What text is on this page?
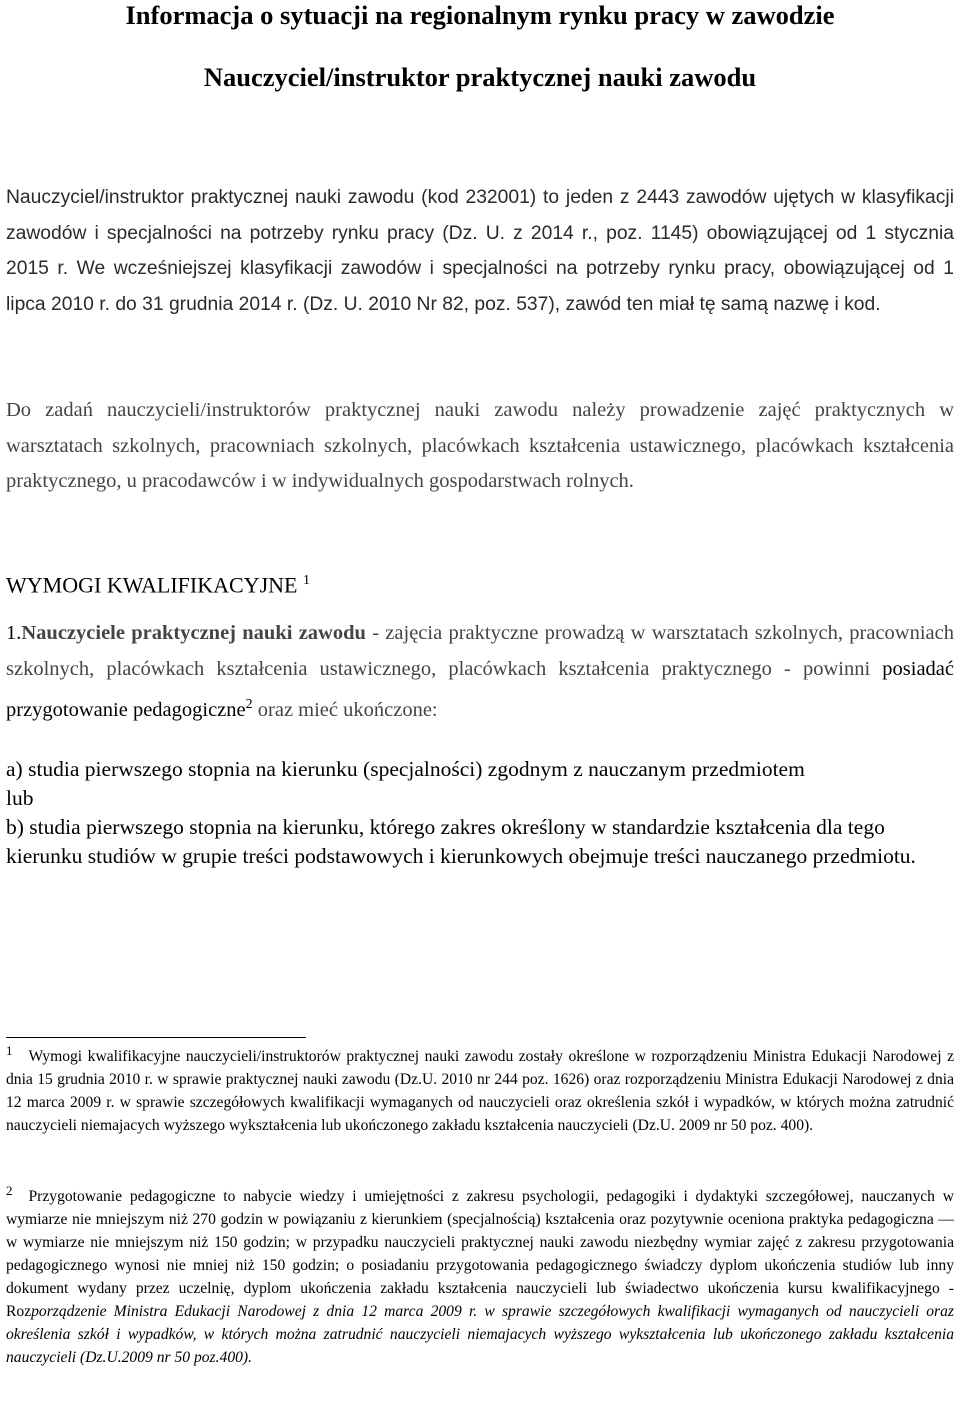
Informacja o sytuacji na regionalnym rynku pracy w zawodzie
Nauczyciel/instruktor praktycznej nauki zawodu

Nauczyciel/instruktor praktycznej nauki zawodu (kod 232001) to jeden z 2443 zawodów ujętych w klasyfikacji zawodów i specjalności na potrzeby rynku pracy (Dz. U. z 2014 r., poz. 1145) obowiązującej od 1 stycznia 2015 r. We wcześniejszej klasyfikacji zawodów i specjalności na potrzeby rynku pracy, obowiązującej od 1 lipca 2010 r. do 31 grudnia 2014 r. (Dz. U. 2010 Nr 82, poz. 537), zawód ten miał tę samą nazwę i kod.

Do zadań nauczycieli/instruktorów praktycznej nauki zawodu należy prowadzenie zajęć praktycznych w warsztatach szkolnych, pracowniach szkolnych, placówkach kształcenia ustawicznego, placówkach kształcenia praktycznego, u pracodawców i w indywidualnych gospodarstwach rolnych.

WYMOGI KWALIFIKACYJNE $^1$

1.Nauczyciele praktycznej nauki zawodu - zajęcia praktyczne prowadzą w warsztatach szkolnych, pracowniach szkolnych, placówkach kształcenia ustawicznego, placówkach kształcenia praktycznego - powinni posiadać przygotowanie pedagogiczne$^2$ oraz mieć ukończone:

a) studia pierwszego stopnia na kierunku (specjalności) zgodnym z nauczanym przedmiotem
lub
b) studia pierwszego stopnia na kierunku, którego zakres określony w standardzie kształcenia dla tego kierunku studiów w grupie treści podstawowych i kierunkowych obejmuje treści nauczanego przedmiotu.

$^1$ Wymogi kwalifikacyjne nauczycieli/instruktorów praktycznej nauki zawodu zostały określone w rozporządzeniu Ministra Edukacji Narodowej z dnia 15 grudnia 2010 r. w sprawie praktycznej nauki zawodu (Dz.U. 2010 nr 244 poz. 1626) oraz rozporządzeniu Ministra Edukacji Narodowej z dnia 12 marca 2009 r. w sprawie szczegółowych kwalifikacji wymaganych od nauczycieli oraz określenia szkół i wypadków, w których można zatrudnić nauczycieli niemajacych wyższego wykształcenia lub ukończonego zakładu kształcenia nauczycieli (Dz.U. 2009 nr 50 poz. 400).

$^2$ Przygotowanie pedagogiczne to nabycie wiedzy i umiejętności z zakresu psychologii, pedagogiki i dydaktyki szczegółowej, nauczanych w wymiarze nie mniejszym niż 270 godzin w powiązaniu z kierunkiem (specjalnością) kształcenia oraz pozytywnie oceniona praktyka pedagogiczna — w wymiarze nie mniejszym niż 150 godzin; w przypadku nauczycieli praktycznej nauki zawodu niezbędny wymiar zajęć z zakresu przygotowania pedagogicznego wynosi nie mniej niż 150 godzin; o posiadaniu przygotowania pedagogicznego świadczy dyplom ukończenia studiów lub inny dokument wydany przez uczelnię, dyplom ukończenia zakładu kształcenia nauczycieli lub świadectwo ukończenia kursu kwalifikacyjnego - Rozporządzenie Ministra Edukacji Narodowej z dnia 12 marca 2009 r. w sprawie szczegółowych kwalifikacji wymaganych od nauczycieli oraz określenia szkół i wypadków, w których można zatrudnić nauczycieli niemajacych wyższego wykształcenia lub ukończonego zakładu kształcenia nauczycieli (Dz.U.2009 nr 50 poz.400).
